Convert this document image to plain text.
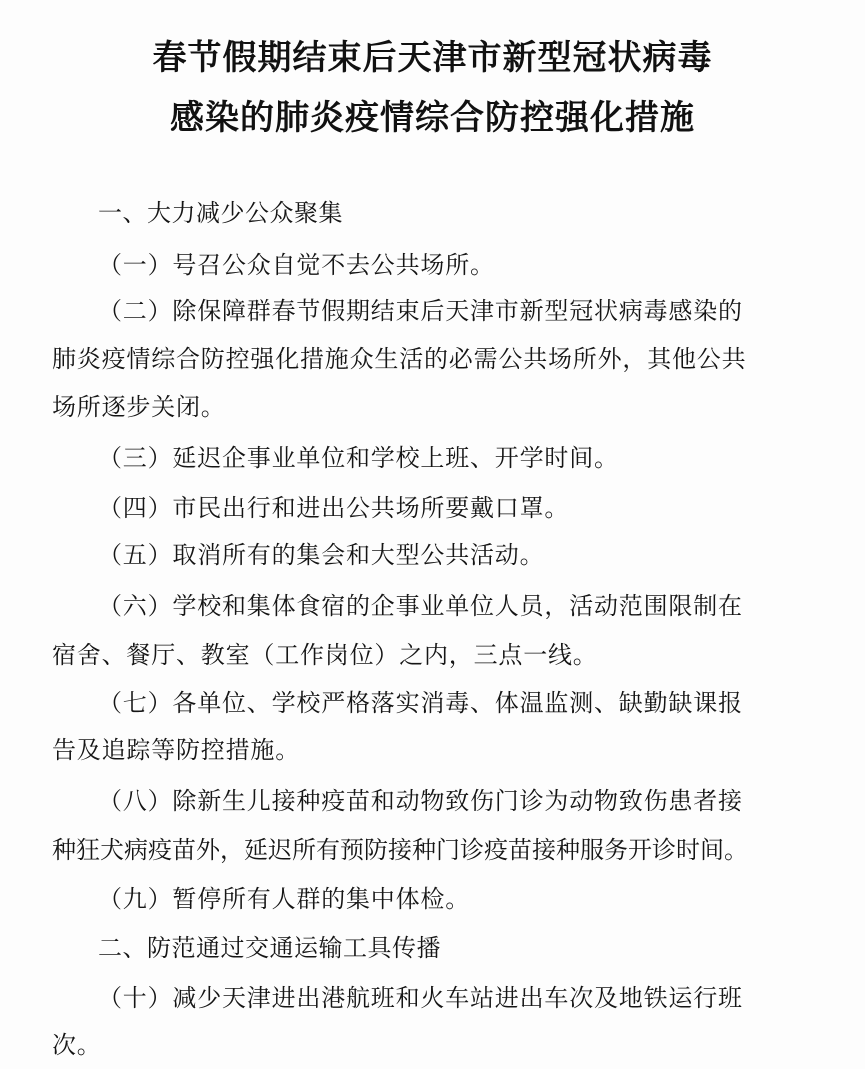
春节假期结束后天津市新型冠状病毒
感染的肺炎疫情综合防控强化措施
一、大力减少公众聚集
（一）号召公众自觉不去公共场所。
（二）除保障群春节假期结束后天津市新型冠状病毒感染的
肺炎疫情综合防控强化措施众生活的必需公共场所外，其他公共
场所逐步关闭。
（三）延迟企事业单位和学校上班、开学时间。
（四）市民出行和进出公共场所要戴口罩。
（五）取消所有的集会和大型公共活动。
（六）学校和集体食宿的企事业单位人员，活动范围限制在
宿舍、餐厅、教室（工作岗位）之内，三点一线。
（七）各单位、学校严格落实消毒、体温监测、缺勤缺课报
告及追踪等防控措施。
（八）除新生儿接种疫苗和动物致伤门诊为动物致伤患者接
种狂犬病疫苗外，延迟所有预防接种门诊疫苗接种服务开诊时间。
（九）暂停所有人群的集中体检。
二、防范通过交通运输工具传播
（十）减少天津进出港航班和火车站进出车次及地铁运行班
次。
